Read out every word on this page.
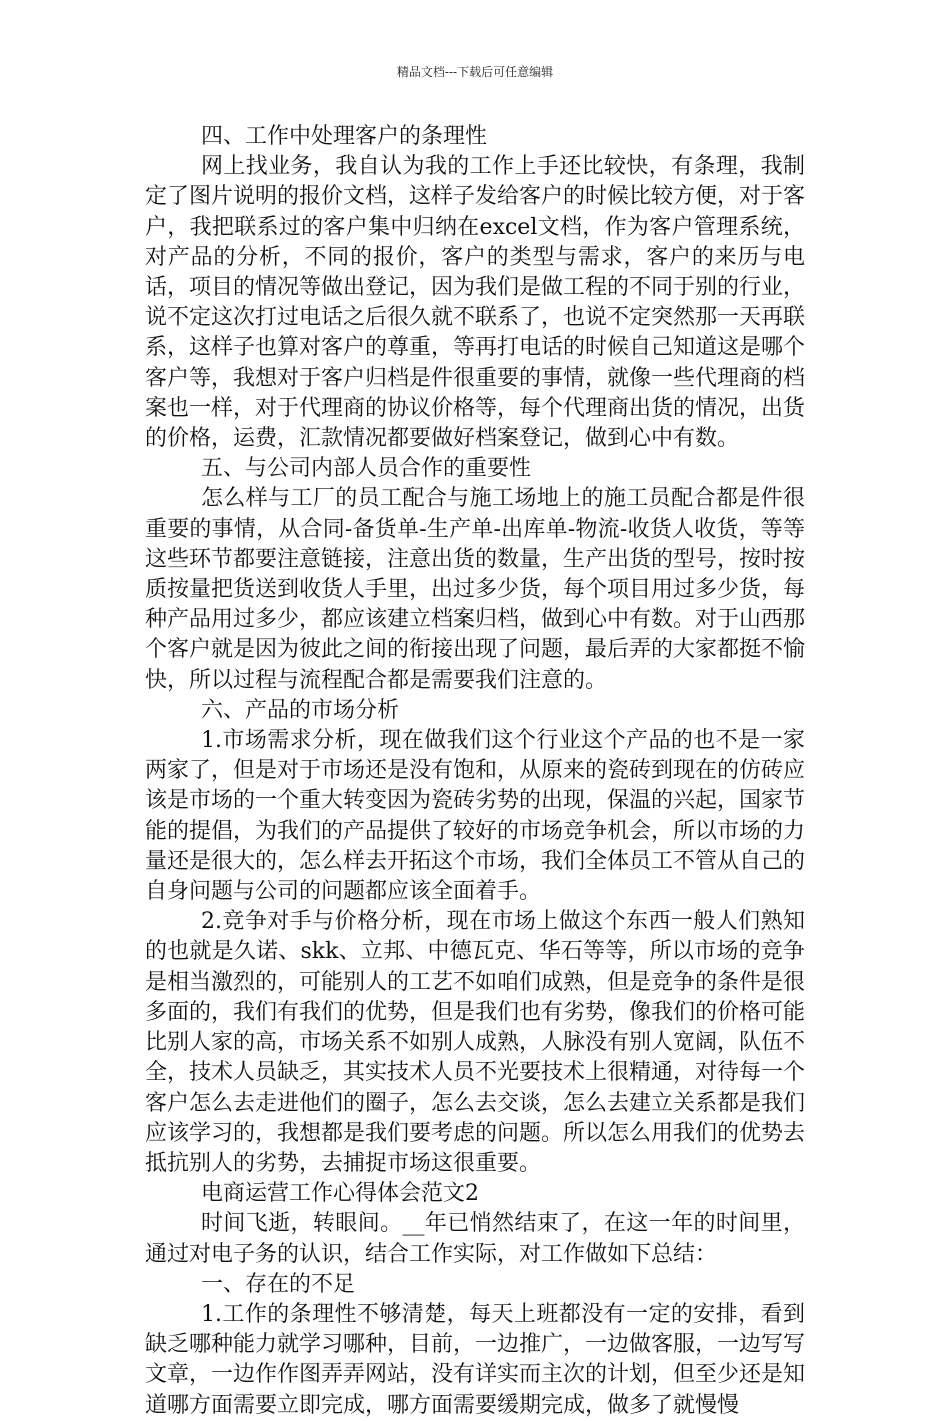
精品文档---下载后可任意编辑

四、工作中处理客户的条理性

网上找业务，我自认为我的工作上手还比较快，有条理，我制定了图片说明的报价文档，这样子发给客户的时候比较方便，对于客户，我把联系过的客户集中归纳在excel文档，作为客户管理系统，对产品的分析，不同的报价，客户的类型与需求，客户的来历与电话，项目的情况等做出登记，因为我们是做工程的不同于别的行业，说不定这次打过电话之后很久就不联系了，也说不定突然那一天再联系，这样子也算对客户的尊重，等再打电话的时候自己知道这是哪个客户等，我想对于客户归档是件很重要的事情，就像一些代理商的档案也一样，对于代理商的协议价格等，每个代理商出货的情况，出货的价格，运费，汇款情况都要做好档案登记，做到心中有数。

五、与公司内部人员合作的重要性

怎么样与工厂的员工配合与施工场地上的施工员配合都是件很重要的事情，从合同-备货单-生产单-出库单-物流-收货人收货，等等这些环节都要注意链接，注意出货的数量，生产出货的型号，按时按质按量把货送到收货人手里，出过多少货，每个项目用过多少货，每种产品用过多少，都应该建立档案归档，做到心中有数。对于山西那个客户就是因为彼此之间的衔接出现了问题，最后弄的大家都挺不愉快，所以过程与流程配合都是需要我们注意的。

六、产品的市场分析

1.市场需求分析，现在做我们这个行业这个产品的也不是一家两家了，但是对于市场还是没有饱和，从原来的瓷砖到现在的仿砖应该是市场的一个重大转变因为瓷砖劣势的出现，保温的兴起，国家节能的提倡，为我们的产品提供了较好的市场竞争机会，所以市场的力量还是很大的，怎么样去开拓这个市场，我们全体员工不管从自己的自身问题与公司的问题都应该全面着手。

2.竞争对手与价格分析，现在市场上做这个东西一般人们熟知的也就是久诺、skk、立邦、中德瓦克、华石等等，所以市场的竞争是相当激烈的，可能别人的工艺不如咱们成熟，但是竞争的条件是很多面的，我们有我们的优势，但是我们也有劣势，像我们的价格可能比别人家的高，市场关系不如别人成熟，人脉没有别人宽阔，队伍不全，技术人员缺乏，其实技术人员不光要技术上很精通，对待每一个客户怎么去走进他们的圈子，怎么去交谈，怎么去建立关系都是我们应该学习的，我想都是我们要考虑的问题。所以怎么用我们的优势去抵抗别人的劣势，去捕捉市场这很重要。

电商运营工作心得体会范文2

时间飞逝，转眼间。__年已悄然结束了，在这一年的时间里，通过对电子务的认识，结合工作实际，对工作做如下总结：

一、存在的不足

1.工作的条理性不够清楚，每天上班都没有一定的安排，看到缺乏哪种能力就学习哪种，目前，一边推广，一边做客服，一边写写文章，一边作作图弄弄网站，没有详实而主次的计划，但至少还是知道哪方面需要立即完成，哪方面需要缓期完成，做多了就慢慢
